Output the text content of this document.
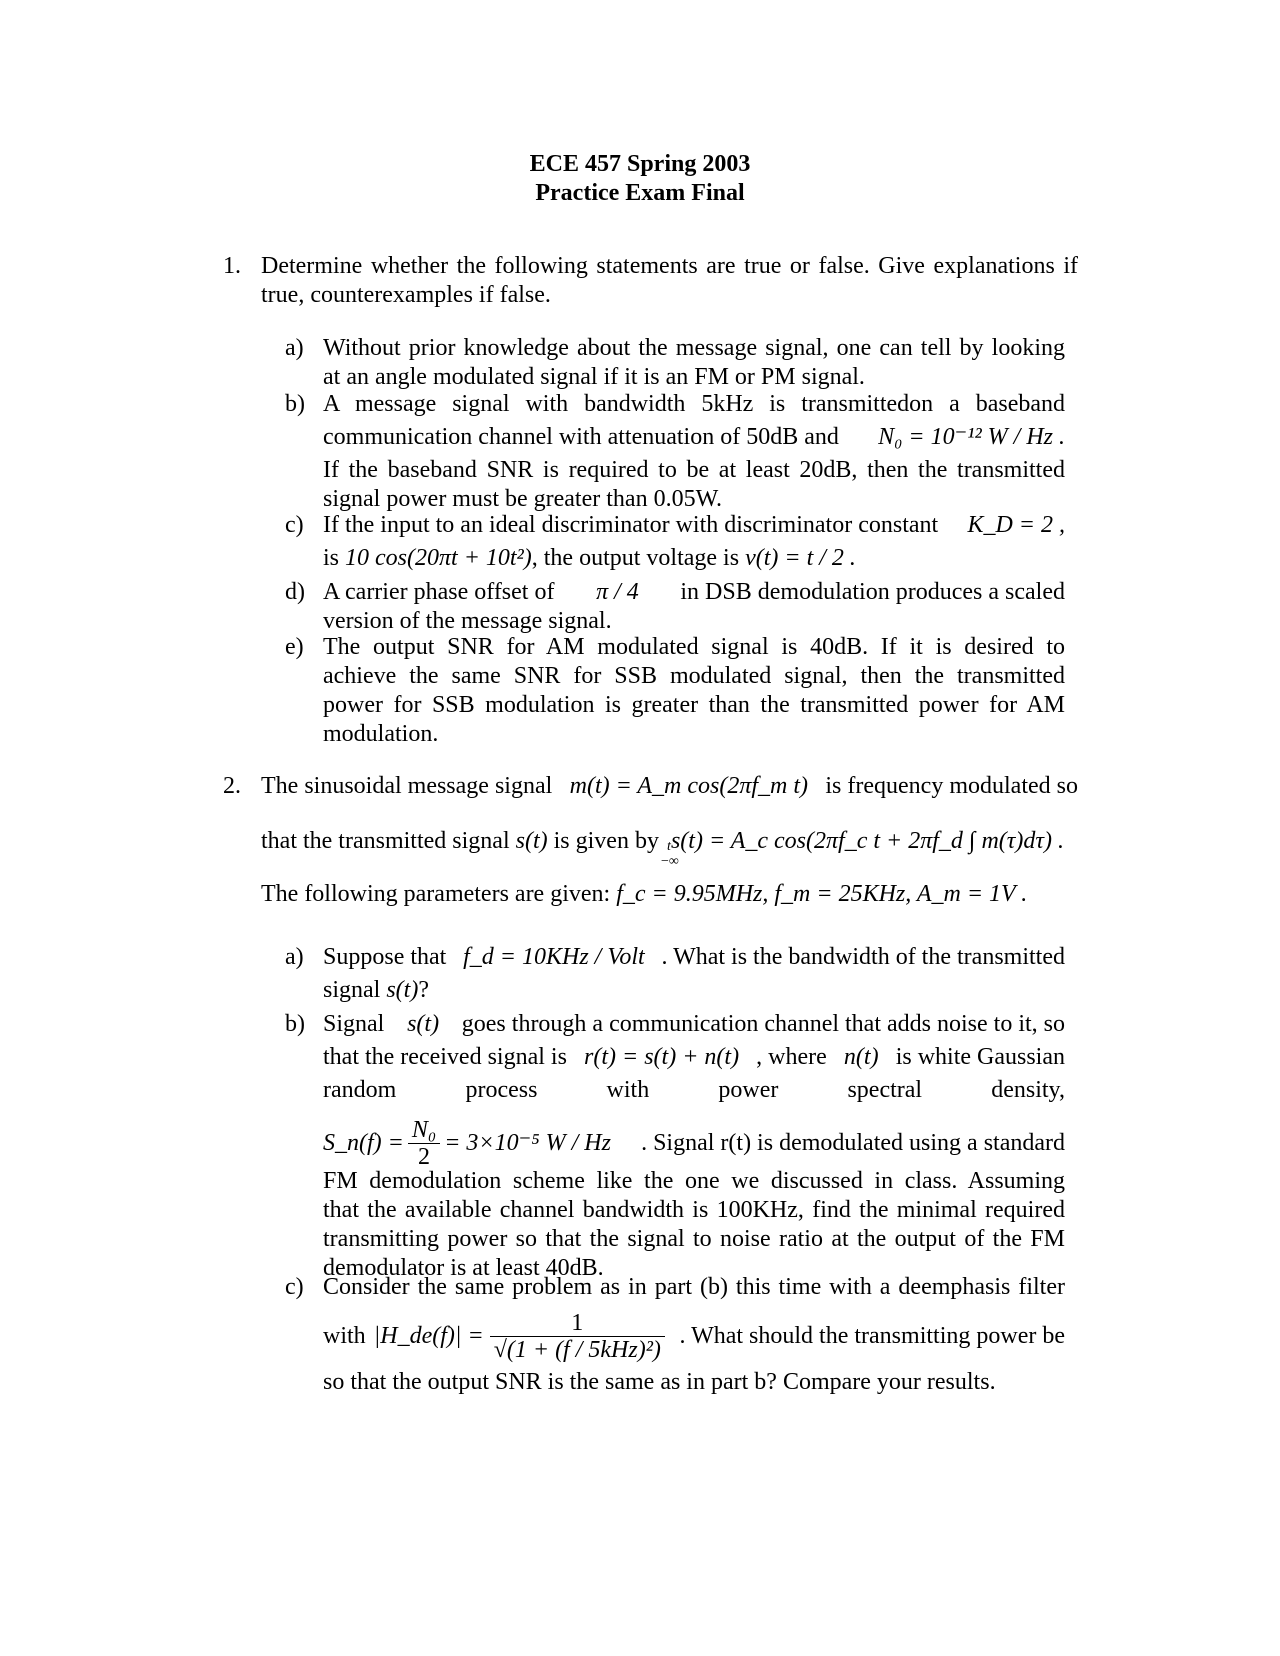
ECE 457 Spring 2003
Practice Exam Final
1. Determine whether the following statements are true or false. Give explanations if
true, counterexamples if false.
a) Without prior knowledge about the message signal, one can tell by looking
at an angle modulated signal if it is an FM or PM signal.
b) A message signal with bandwidth 5kHz is transmittedon a baseband
communication channel with attenuation of 50dB and N₀ = 10⁻¹² W / Hz .
If the baseband SNR is required to be at least 20dB, then the transmitted
signal power must be greater than 0.05W.
c) If the input to an ideal discriminator with discriminator constant K_D = 2 ,
is 10 cos(20πt + 10t²), the output voltage is v(t) = t / 2 .
d) A carrier phase offset of π / 4 in DSB demodulation produces a scaled
version of the message signal.
e) The output SNR for AM modulated signal is 40dB. If it is desired to
achieve the same SNR for SSB modulated signal, then the transmitted
power for SSB modulation is greater than the transmitted power for AM
modulation.
2. The sinusoidal message signal m(t) = A_m cos(2πf_m t) is frequency modulated so
that the transmitted signal s(t) is given by t
−∞
s(t) = A_c cos(2πf_c t + 2πf_d ∫ m(τ)dτ) .
The following parameters are given: f_c = 9.95MHz, f_m = 25KHz, A_m = 1V .
a) Suppose that f_d = 10KHz / Volt . What is the bandwidth of the transmitted
signal s(t)?
b) Signal s(t) goes through a communication channel that adds noise to it, so
that the received signal is r(t) = s(t) + n(t) , where n(t) is white Gaussian
random process with power spectral density,
S_n(f) = $\frac{\text{N₀}}{2} = 3\times 10^{-5}$ W / Hz . Signal r(t) is demodulated using a standard
FM demodulation scheme like the one we discussed in class. Assuming
that the available channel bandwidth is 100KHz, find the minimal required
transmitting power so that the signal to noise ratio at the output of the FM
demodulator is at least 40dB.
c) Consider the same problem as in part (b) this time with a deemphasis filter
with |H_de(f)| = $\frac{1}{\text{√(1 + (f / 5kHz)²)}}$ . What should the transmitting power be
so that the output SNR is the same as in part b? Compare your results.
